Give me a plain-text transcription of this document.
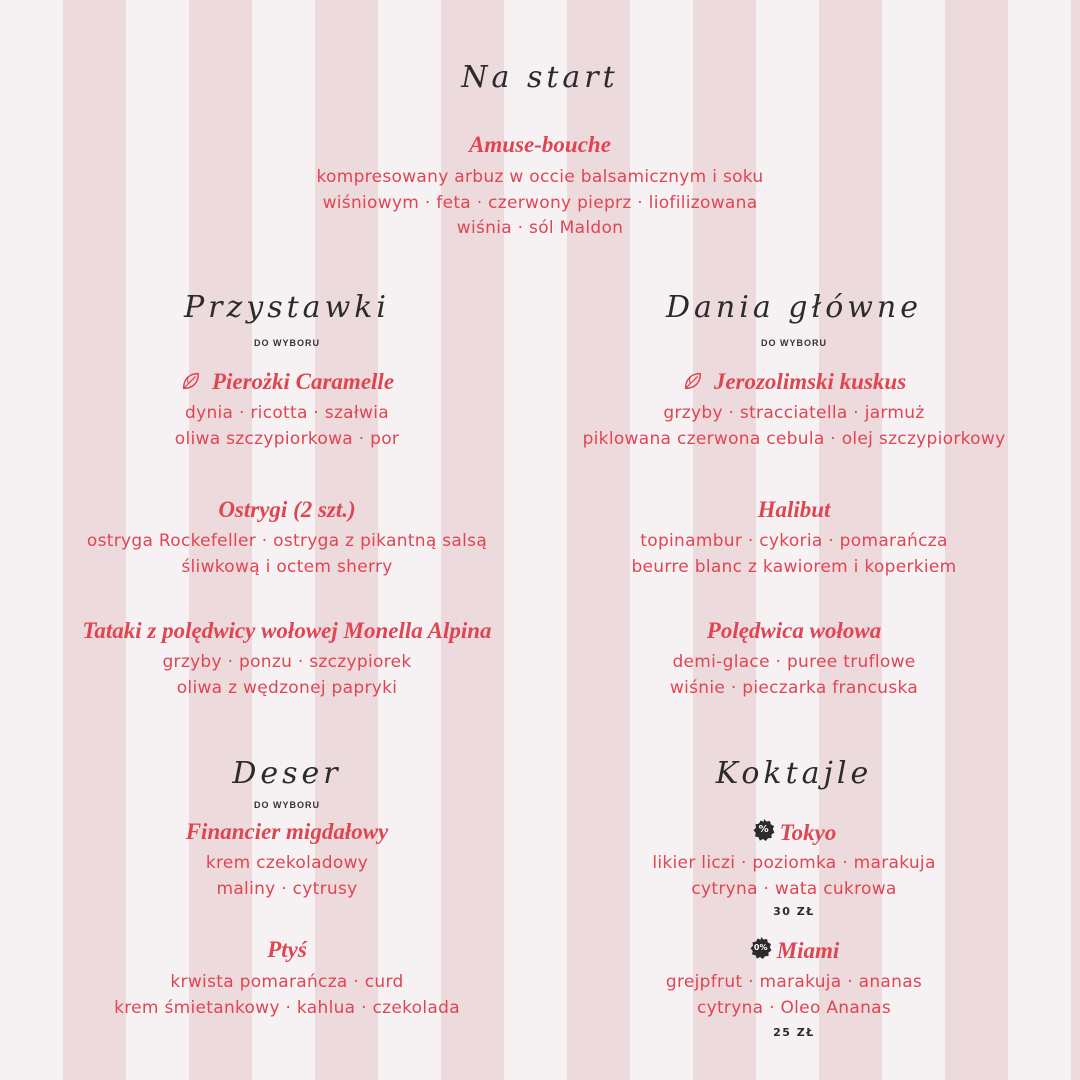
Na start
Amuse-bouche
kompresowany arbuz w occie balsamicznym i soku
wiśniowym · feta · czerwony pieprz · liofilizowana
wiśnia · sól Maldon
Przystawki
DO WYBORU
Pierożki Caramelle
dynia · ricotta · szałwia
oliwa szczypiorkowa · por
Ostrygi (2 szt.)
ostryga Rockefeller · ostryga z pikantną salsą
śliwkową i octem sherry
Tataki z polędwicy wołowej Monella Alpina
grzyby · ponzu · szczypiorek
oliwa z wędzonej papryki
Dania główne
DO WYBORU
Jerozolimski kuskus
grzyby · stracciatella · jarmuż
piklowana czerwona cebula · olej szczypiorkowy
Halibut
topinambur · cykoria · pomarańcza
beurre blanc z kawiorem i koperkiem
Polędwica wołowa
demi-glace · puree truflowe
wiśnie · pieczarka francuska
Deser
DO WYBORU
Financier migdałowy
krem czekoladowy
maliny · cytrusy
Ptyś
krwista pomarańcza · curd
krem śmietankowy · kahlua · czekolada
Koktajle
% Tokyo
likier liczi · poziomka · marakuja
cytryna · wata cukrowa
30 ZŁ
0% Miami
grejpfrut · marakuja · ananas
cytryna · Oleo Ananas
25 ZŁ
